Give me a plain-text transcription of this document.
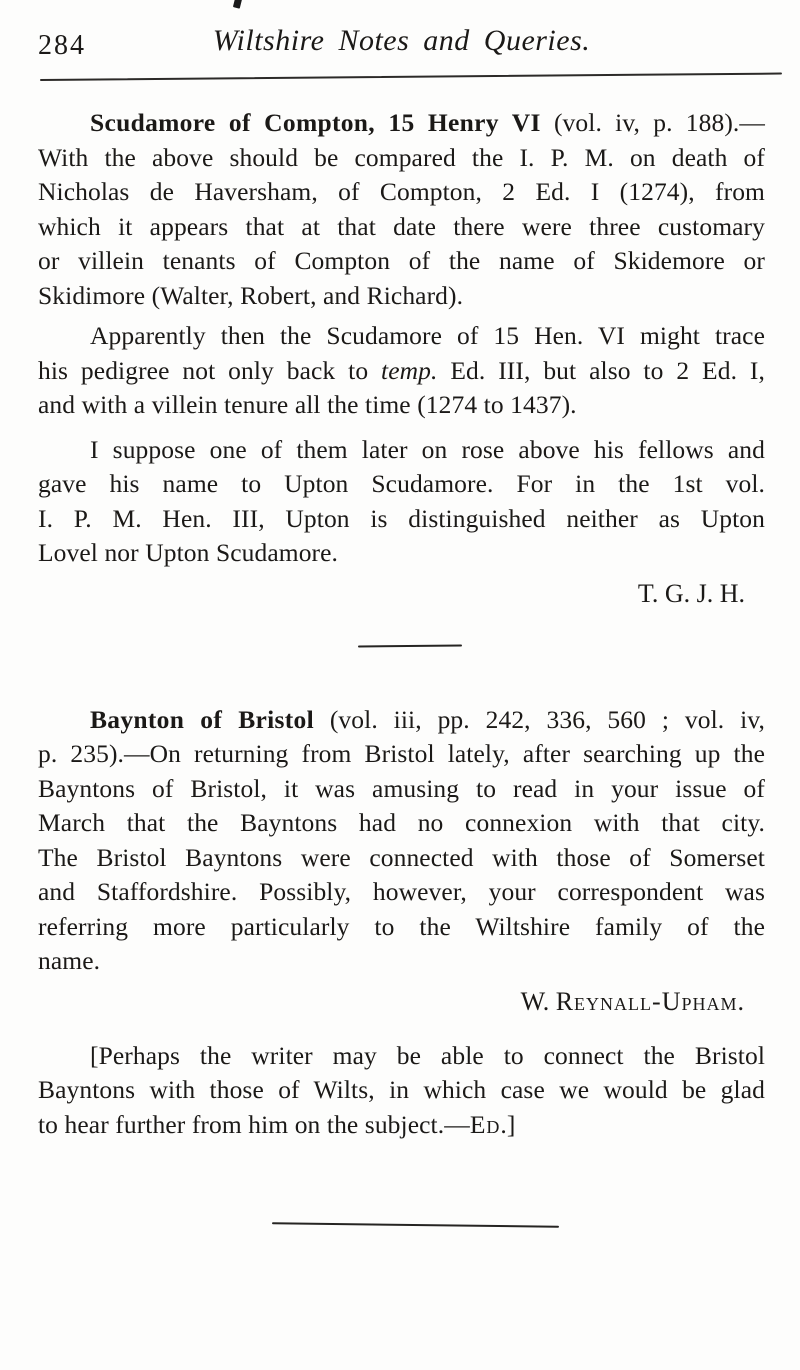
284	Wiltshire Notes and Queries.
Scudamore of Compton, 15 Henry VI (vol. iv, p. 188).—
With the above should be compared the I. P. M. on death of
Nicholas de Haversham, of Compton, 2 Ed. I (1274), from
which it appears that at that date there were three customary
or villein tenants of Compton of the name of Skidemore or
Skidimore (Walter, Robert, and Richard).
Apparently then the Scudamore of 15 Hen. VI might trace
his pedigree not only back to temp. Ed. III, but also to 2 Ed. I,
and with a villein tenure all the time (1274 to 1437).
I suppose one of them later on rose above his fellows and
gave his name to Upton Scudamore. For in the 1st vol.
I. P. M. Hen. III, Upton is distinguished neither as Upton
Lovel nor Upton Scudamore.
T. G. J. H.
Baynton of Bristol (vol. iii, pp. 242, 336, 560 ; vol. iv,
p. 235).—On returning from Bristol lately, after searching up the
Bayntons of Bristol, it was amusing to read in your issue of
March that the Bayntons had no connexion with that city.
The Bristol Bayntons were connected with those of Somerset
and Staffordshire. Possibly, however, your correspondent was
referring more particularly to the Wiltshire family of the
name.
W. Reynall-Upham.
[Perhaps the writer may be able to connect the Bristol
Bayntons with those of Wilts, in which case we would be glad
to hear further from him on the subject.—Ed.]
